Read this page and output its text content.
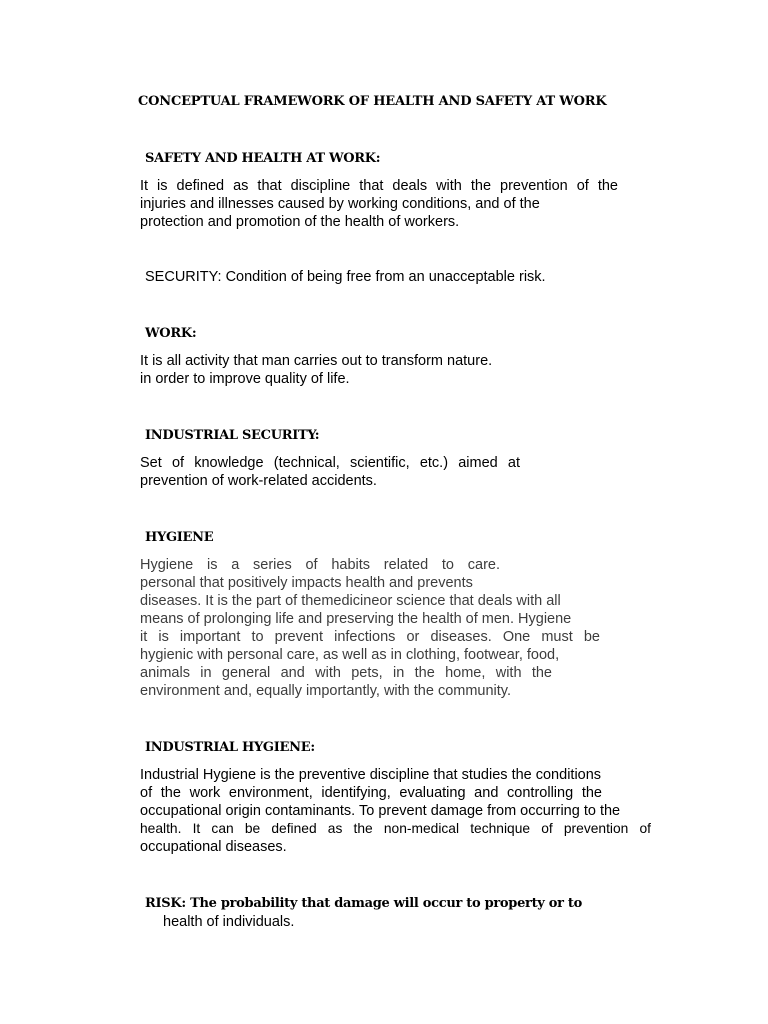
CONCEPTUAL FRAMEWORK OF HEALTH AND SAFETY AT WORK
SAFETY AND HEALTH AT WORK:
It is defined as that discipline that deals with the prevention of the
injuries and illnesses caused by working conditions, and of the
protection and promotion of the health of workers.
SECURITY: Condition of being free from an unacceptable risk.
WORK:
It is all activity that man carries out to transform nature.
in order to improve quality of life.
INDUSTRIAL SECURITY:
Set of knowledge (technical, scientific, etc.) aimed at
prevention of work-related accidents.
HYGIENE
Hygiene is a series of habits related to care.
personal that positively impacts health and prevents
diseases. It is the part of themedicineor science that deals with all
means of prolonging life and preserving the health of men. Hygiene
it is important to prevent infections or diseases. One must be
hygienic with personal care, as well as in clothing, footwear, food,
animals in general and with pets, in the home, with the
environment and, equally importantly, with the community.
INDUSTRIAL HYGIENE:
Industrial Hygiene is the preventive discipline that studies the conditions
of the work environment, identifying, evaluating and controlling the
occupational origin contaminants. To prevent damage from occurring to the
health. It can be defined as the non-medical technique of prevention of
occupational diseases.
RISK: The probability that damage will occur to property or to
health of individuals.
